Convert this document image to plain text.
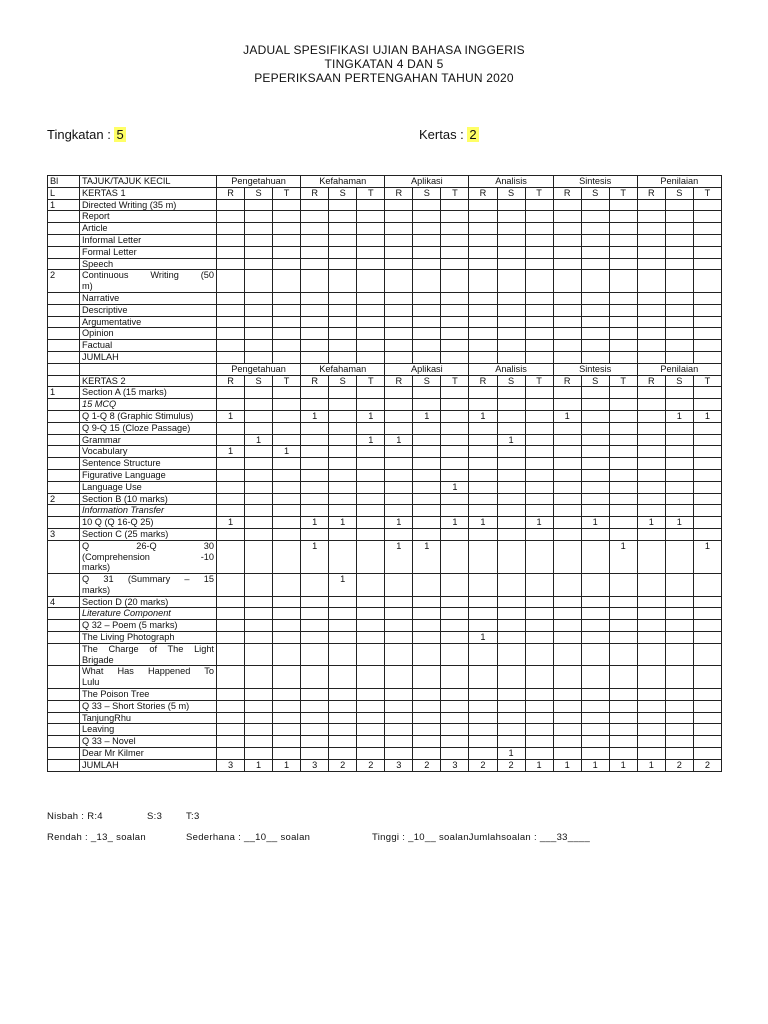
JADUAL SPESIFIKASI UJIAN BAHASA INGGERIS
TINGKATAN 4 DAN 5
PEPERIKSAAN PERTENGAHAN TAHUN 2020
Tingkatan : 5	Kertas : 2
Bl	TAJUK/TAJUK KECIL	Pengetahuan			Kefahaman			Aplikasi			Analisis			Sintesis			Penilaian		
L	KERTAS 1	R	S	T	R	S	T	R	S	T	R	S	T	R	S	T	R	S	T
1	Directed Writing (35 m)																		

	Report																		

	Article																		

	Informal Letter																		

	Formal Letter																		

	Speech																		

2	Continuous Writing (50
m)																		

	Narrative																		

	Descriptive																		

	Argumentative																		

	Opinion																		

	Factual																		

	JUMLAH																		

		Pengetahuan			Kefahaman			Aplikasi			Analisis			Sintesis			Penilaian		
	KERTAS 2	R	S	T	R	S	T	R	S	T	R	S	T	R	S	T	R	S	T
1	Section A (15 marks)																		

	15 MCQ																		

	Q 1-Q 8 (Graphic Stimulus)	1			1		1		1		1			1				1	1

	Q 9-Q 15 (Cloze Passage)																		

	Grammar		1				1	1				1							

	Vocabulary	1		1															

	Sentence Structure																		

	Figurative Language																		

	Language Use									1									
2	Section B (10 marks)																		

	Information Transfer																		

	10 Q (Q 16-Q 25)	1			1	1		1		1	1		1		1		1	1	
3	Section C (25 marks)																		

	Q 26-Q 30
(Comprehension -10
marks)				1			1	1							1			1

	Q 31 (Summary – 15
marks)					1													
4	Section D (20 marks)																		

	Literature Component																		

	Q 32 – Poem (5 marks)																		

	The Living Photograph										1								

	The Charge of The Light
Brigade																		

	What Has Happened To
Lulu																		

	The Poison Tree																		

	Q 33 – Short Stories (5 m)																		

	TanjungRhu																		

	Leaving																		

	Q 33 – Novel																		

	Dear Mr Kilmer											1							

	JUMLAH	3	1	1	3	2	2	3	2	3	2	2	1	1	1	1	1	2	2
Nisbah : R:4	S:3	T:3
Rendah : _13_ soalan	Sederhana : __10__ soalan	Tinggi : _10__ soalanJumlahsoalan : ___33____
